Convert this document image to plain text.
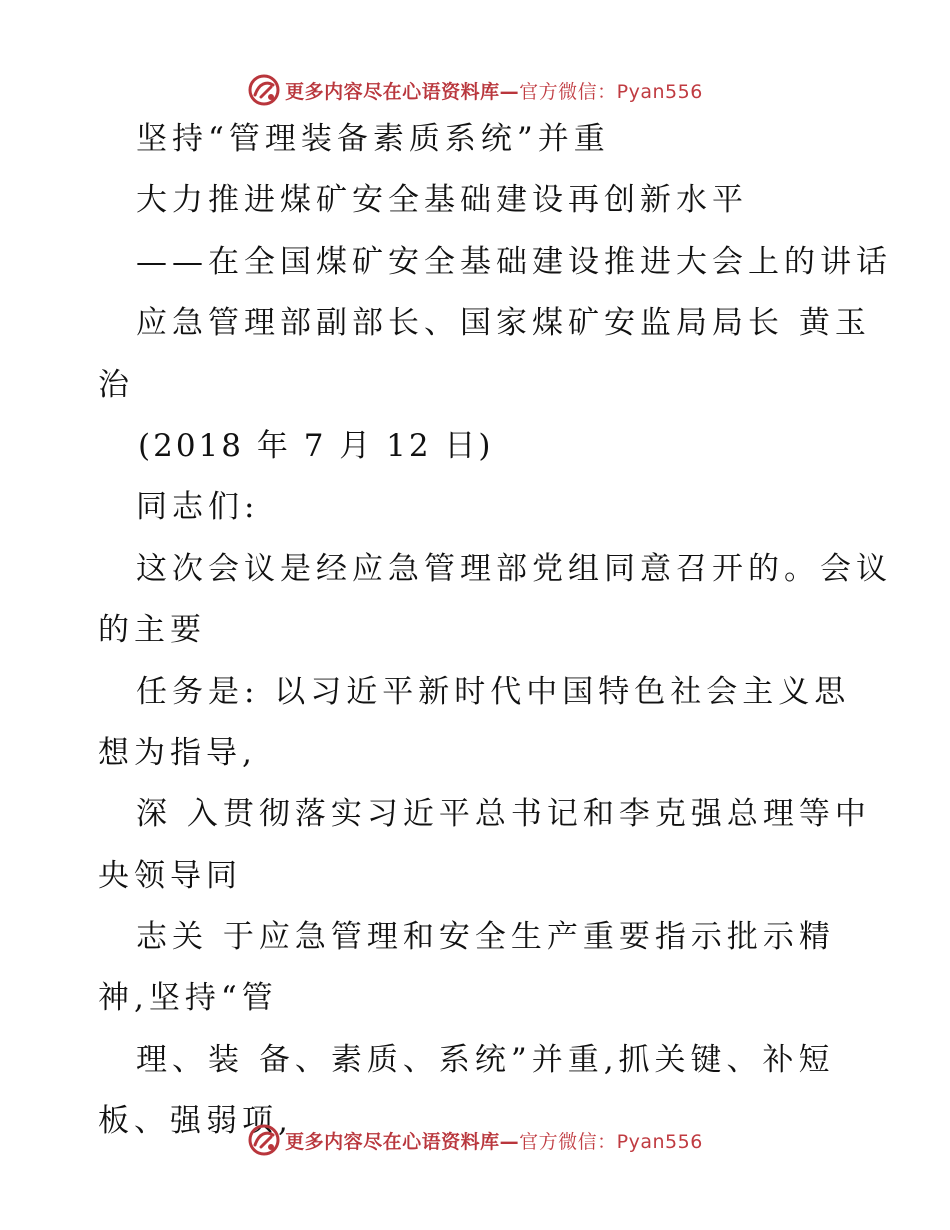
更多内容尽在心语资料库—官方微信：Pyan556
坚持“管理装备素质系统”并重
大力推进煤矿安全基础建设再创新水平
——在全国煤矿安全基础建设推进大会上的讲话
应急管理部副部长、国家煤矿安监局局长 黄玉
治
(2018 年 7 月 12 日)
同志们:
这次会议是经应急管理部党组同意召开的。会议
的主要
任务是: 以习近平新时代中国特色社会主义思
想为指导,
深 入贯彻落实习近平总书记和李克强总理等中
央领导同
志关 于应急管理和安全生产重要指示批示精
神,坚持“管
理、装 备、素质、系统”并重,抓关键、补短
板、强弱项,
更多内容尽在心语资料库—官方微信：Pyan556
